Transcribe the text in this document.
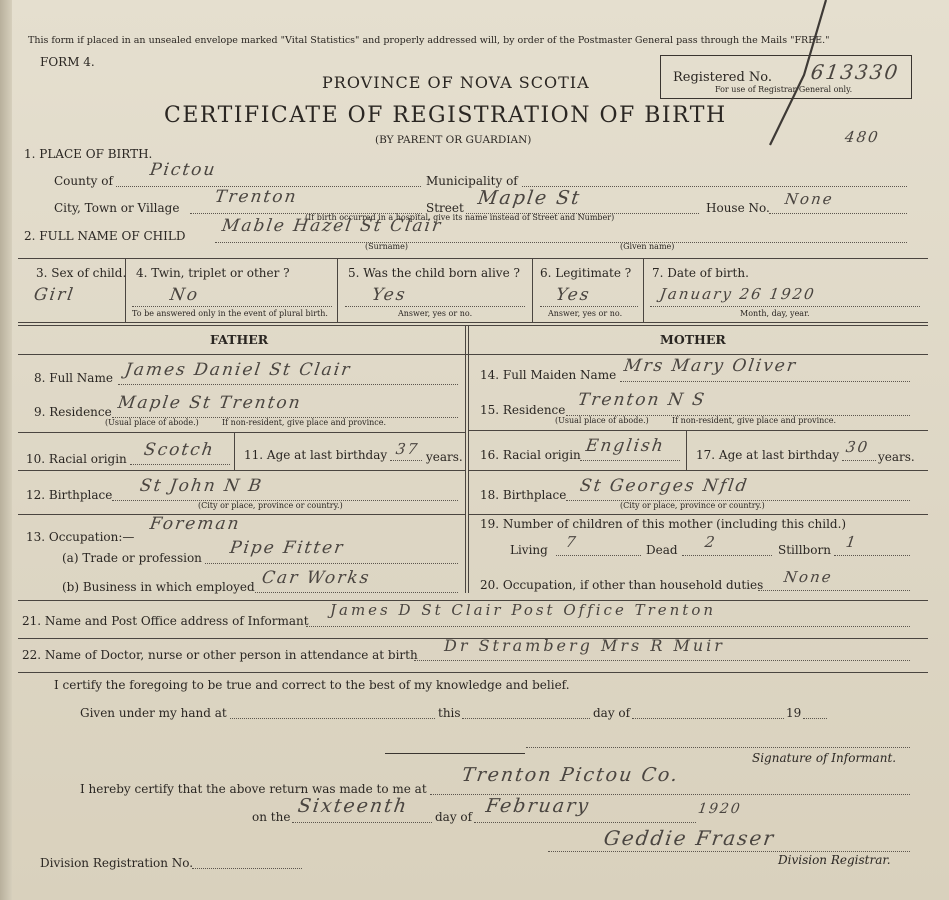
This form if placed in an unsealed envelope marked "Vital Statistics" and properly addressed will, by order of the Postmaster General pass through the Mails "FREE."
FORM 4.
PROVINCE OF NOVA SCOTIA
CERTIFICATE OF REGISTRATION OF BIRTH
(BY PARENT OR GUARDIAN)
Registered No. 613330
For use of Registrar General only.
480
1. PLACE OF BIRTH.
County of
Pictou
Municipality of
City, Town or Village
Trenton
Street Maple St	House No. None
(If birth occurred in a hospital, give its name instead of Street and Number)
2. FULL NAME OF CHILD Mable Hazel St Clair
(Surname)	(Given name)
3. Sex of child.
Girl
4. Twin, triplet or other ?
No
To be answered only in the event of plural birth.
5. Was the child born alive ?
Yes
Answer, yes or no.
6. Legitimate ?
Yes
Answer, yes or no.
7. Date of birth.
January 26 1920
Month, day, year.
FATHER	MOTHER
8. Full Name James Daniel St Clair
9. Residence Maple St Trenton
(Usual place of abode.)	If non-resident, give place and province.
10. Racial origin Scotch 11. Age at last birthday 37 years.
12. Birthplace St John N B
(City or place, province or country.)
13. Occupation:—
Foreman
(a) Trade or profession Pipe Fitter
(b) Business in which employed Car Works
14. Full Maiden Name Mrs Mary Oliver
15. Residence Trenton N S
(Usual place of abode.)	If non-resident, give place and province.
16. Racial origin English 17. Age at last birthday 30
years.
18. Birthplace St Georges Nfld
(City or place, province or country.)
19. Number of children of this mother (including this child.)
Living 7	Dead 2	Stillborn 1
20. Occupation, if other than household duties None
21. Name and Post Office address of Informant
James D St Clair Post Office Trenton
22. Name of Doctor, nurse or other person in attendance at birth Dr Stramberg Mrs R Muir
I certify the foregoing to be true and correct to the best of my knowledge and belief.
Given under my hand at	this	day of	19
Signature of Informant.
I hereby certify that the above return was made to me at
Trenton Pictou Co.
on the Sixteenth day of February	1920
Geddie Fraser
Division Registrar.
Division Registration No.
